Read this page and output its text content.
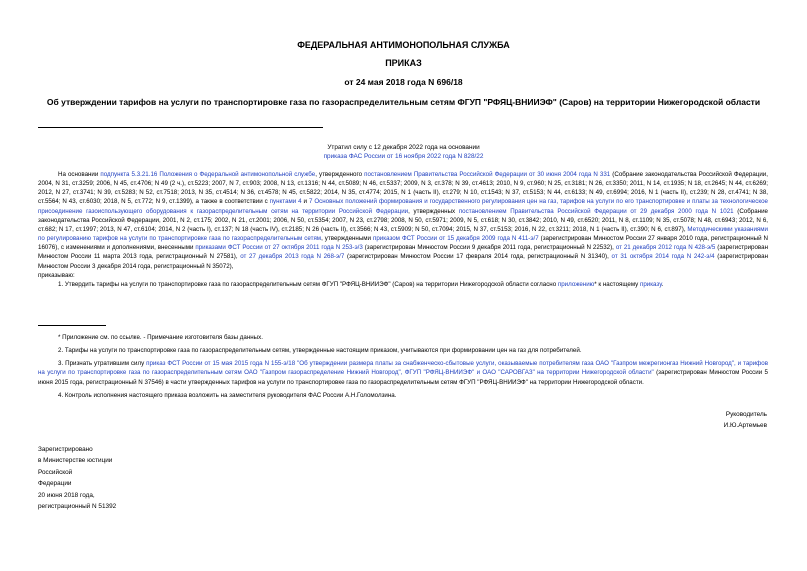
ФЕДЕРАЛЬНАЯ АНТИМОНОПОЛЬНАЯ СЛУЖБА
ПРИКАЗ
от 24 мая 2018 года N 696/18
Об утверждении тарифов на услуги по транспортировке газа по газораспределительным сетям ФГУП "РФЯЦ-ВНИИЭФ" (Саров) на территории Нижегородской области
Утратил силу с 12 декабря 2022 года на основании
приказа ФАС России от 16 ноября 2022 года N 828/22

На основании подпункта 5.3.21.16 Положения о Федеральной антимонопольной службе, утвержденного постановлением Правительства Российской Федерации от 30 июня 2004 года N 331 (Собрание законодательства Российской Федерации, 2004, N 31, ст.3259; 2006, N 45, ст.4706; N 49 (2 ч.), ст.5223; 2007, N 7, ст.903; 2008, N 13, ст.1316; N 44, ст.5089; N 46, ст.5337; 2009, N 3, ст.378; N 39, ст.4613; 2010, N 9, ст.960; N 25, ст.3181; N 26, ст.3350; 2011, N 14, ст.1935; N 18, ст.2645; N 44, ст.6269; 2012, N 27, ст.3741; N 39, ст.5283; N 52, ст.7518; 2013, N 35, ст.4514; N 36, ст.4578; N 45, ст.5822; 2014, N 35, ст.4774; 2015, N 1 (часть II), ст.279; N 10, ст.1543; N 37, ст.5153; N 44, ст.6133; N 49, ст.6994; 2016, N 1 (часть II), ст.239; N 28, ст.4741; N 38, ст.5564; N 43, ст.6030; 2018, N 5, ст.772; N 9, ст.1399), а также в соответствии с пунктами 4 и 7 Основных положений формирования и государственного регулирования цен на газ, тарифов на услуги по его транспортировке и платы за технологическое присоединение газоиспользующего оборудования к газораспределительным сетям на территории Российской Федерации, утвержденных постановлением Правительства Российской Федерации от 29 декабря 2000 года N 1021 (Собрание законодательства Российской Федерации, 2001, N 2, ст.175; 2002, N 21, ст.2001; 2006, N 50, ст.5354; 2007, N 23, ст.2798; 2008, N 50, ст.5971; 2009, N 5, ст.618; N 30, ст.3842; 2010, N 49, ст.6520; 2011, N 8, ст.1109; N 35, ст.5078; N 48, ст.6943; 2012, N 6, ст.682; N 17, ст.1997; 2013, N 47, ст.6104; 2014, N 2 (часть I), ст.137; N 18 (часть IV), ст.2185; N 26 (часть II), ст.3566; N 43, ст.5909; N 50, ст.7094; 2015, N 37, ст.5153; 2016, N 22, ст.3211; 2018, N 1 (часть II), ст.390; N 6, ст.897), Методическими указаниями по регулированию тарифов на услуги по транспортировке газа по газораспределительным сетям, утвержденными приказом ФСТ России от 15 декабря 2009 года N 411-э/7 (зарегистрирован Минюстом России 27 января 2010 года, регистрационный N 16076), с изменениями и дополнениями, внесенными приказами ФСТ России от 27 октября 2011 года N 253-э/3 (зарегистрирован Минюстом России 9 декабря 2011 года, регистрационный N 22532), от 21 декабря 2012 года N 428-э/5 (зарегистрирован Минюстом России 11 марта 2013 года, регистрационный N 27581), от 27 декабря 2013 года N 268-э/7 (зарегистрирован Минюстом России 17 февраля 2014 года, регистрационный N 31340), от 31 октября 2014 года N 242-э/4 (зарегистрирован Минюстом России 3 декабря 2014 года, регистрационный N 35072),

приказываю:

1. Утвердить тарифы на услуги по транспортировке газа по газораспределительным сетям ФГУП "РФЯЦ-ВНИИЭФ" (Саров) на территории Нижегородской области согласно приложению* к настоящему приказу.

* Приложение см. по ссылке. - Примечание изготовителя базы данных.

2. Тарифы на услуги по транспортировке газа по газораспределительным сетям, утвержденные настоящим приказом, учитываются при формировании цен на газ для потребителей.

3. Признать утратившим силу приказ ФСТ России от 15 мая 2015 года N 155-э/18 "Об утверждении размера платы за снабженческо-сбытовые услуги, оказываемые потребителям газа ОАО "Газпром межрегионгаз Нижний Новгород", и тарифов на услуги по транспортировке газа по газораспределительным сетям ОАО "Газпром газораспределение Нижний Новгород", ФГУП "РФЯЦ-ВНИИЭФ" и ОАО "САРОВГАЗ" на территории Нижегородской области" (зарегистрирован Минюстом России 5 июня 2015 года, регистрационный N 37546) в части утвержденных тарифов на услуги по транспортировке газа по газораспределительным сетям ФГУП "РФЯЦ-ВНИИЭФ" на территории Нижегородской области.

4. Контроль исполнения настоящего приказа возложить на заместителя руководителя ФАС России А.Н.Голомолзина.

Руководитель
И.Ю.Артемьев
Зарегистрировано
в Министерстве юстиции
Российской
Федерации
20 июня 2018 года,
регистрационный N 51392
